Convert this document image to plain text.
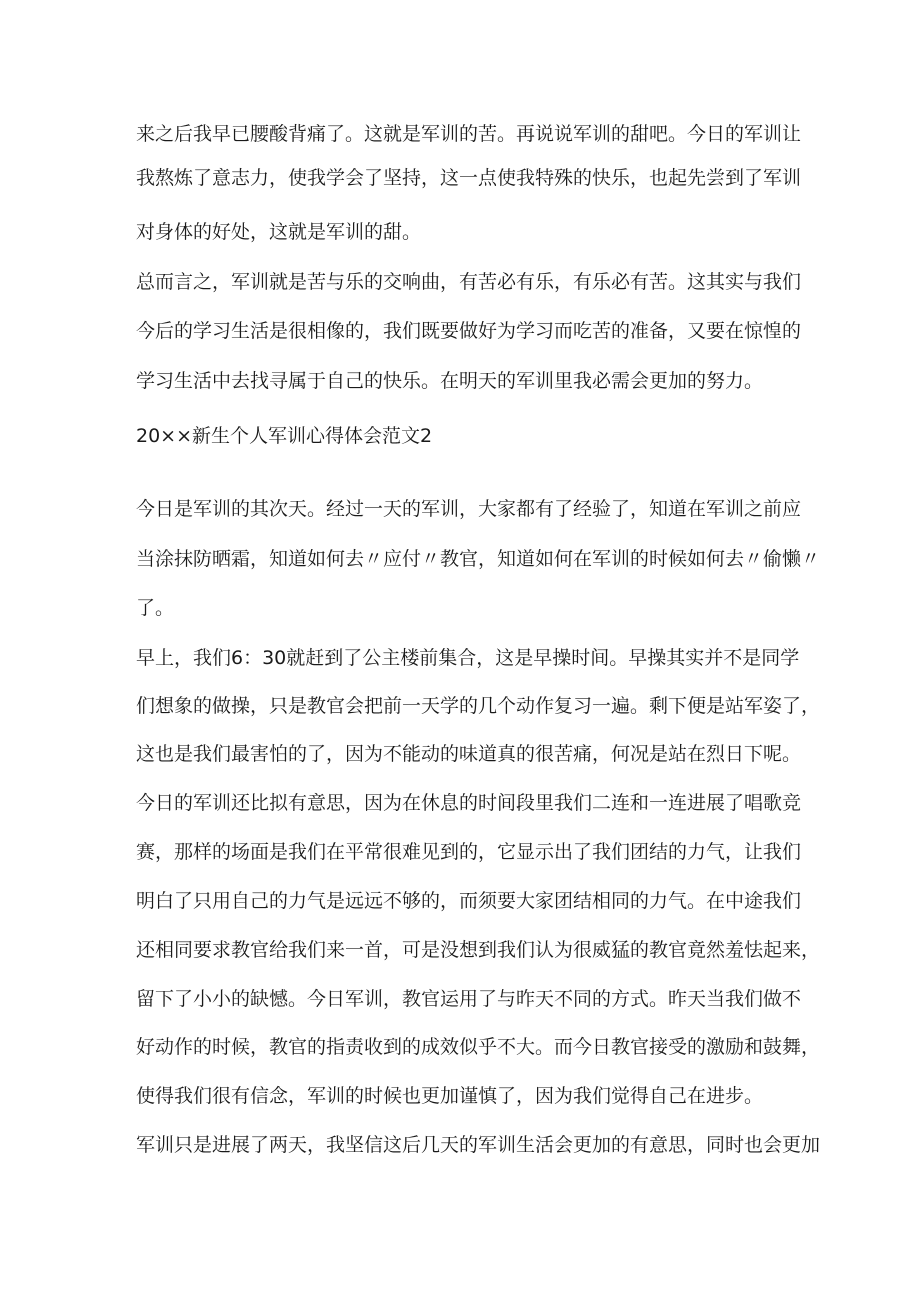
来之后我早已腰酸背痛了。这就是军训的苦。再说说军训的甜吧。今日的军训让
我熬炼了意志力，使我学会了坚持，这一点使我特殊的快乐，也起先尝到了军训
对身体的好处，这就是军训的甜。
总而言之，军训就是苦与乐的交响曲，有苦必有乐，有乐必有苦。这其实与我们
今后的学习生活是很相像的，我们既要做好为学习而吃苦的准备，又要在惊惶的
学习生活中去找寻属于自己的快乐。在明天的军训里我必需会更加的努力。
20××新生个人军训心得体会范文2
今日是军训的其次天。经过一天的军训，大家都有了经验了，知道在军训之前应
当涂抹防晒霜，知道如何去〃应付〃教官，知道如何在军训的时候如何去〃偷懒〃
了。
早上，我们6：30就赶到了公主楼前集合，这是早操时间。早操其实并不是同学
们想象的做操，只是教官会把前一天学的几个动作复习一遍。剩下便是站军姿了，
这也是我们最害怕的了，因为不能动的味道真的很苦痛，何况是站在烈日下呢。
今日的军训还比拟有意思，因为在休息的时间段里我们二连和一连进展了唱歌竞
赛，那样的场面是我们在平常很难见到的，它显示出了我们团结的力气，让我们
明白了只用自己的力气是远远不够的，而须要大家团结相同的力气。在中途我们
还相同要求教官给我们来一首，可是没想到我们认为很威猛的教官竟然羞怯起来，
留下了小小的缺憾。今日军训，教官运用了与昨天不同的方式。昨天当我们做不
好动作的时候，教官的指责收到的成效似乎不大。而今日教官接受的激励和鼓舞，
使得我们很有信念，军训的时候也更加谨慎了，因为我们觉得自己在进步。
军训只是进展了两天，我坚信这后几天的军训生活会更加的有意思，同时也会更加
